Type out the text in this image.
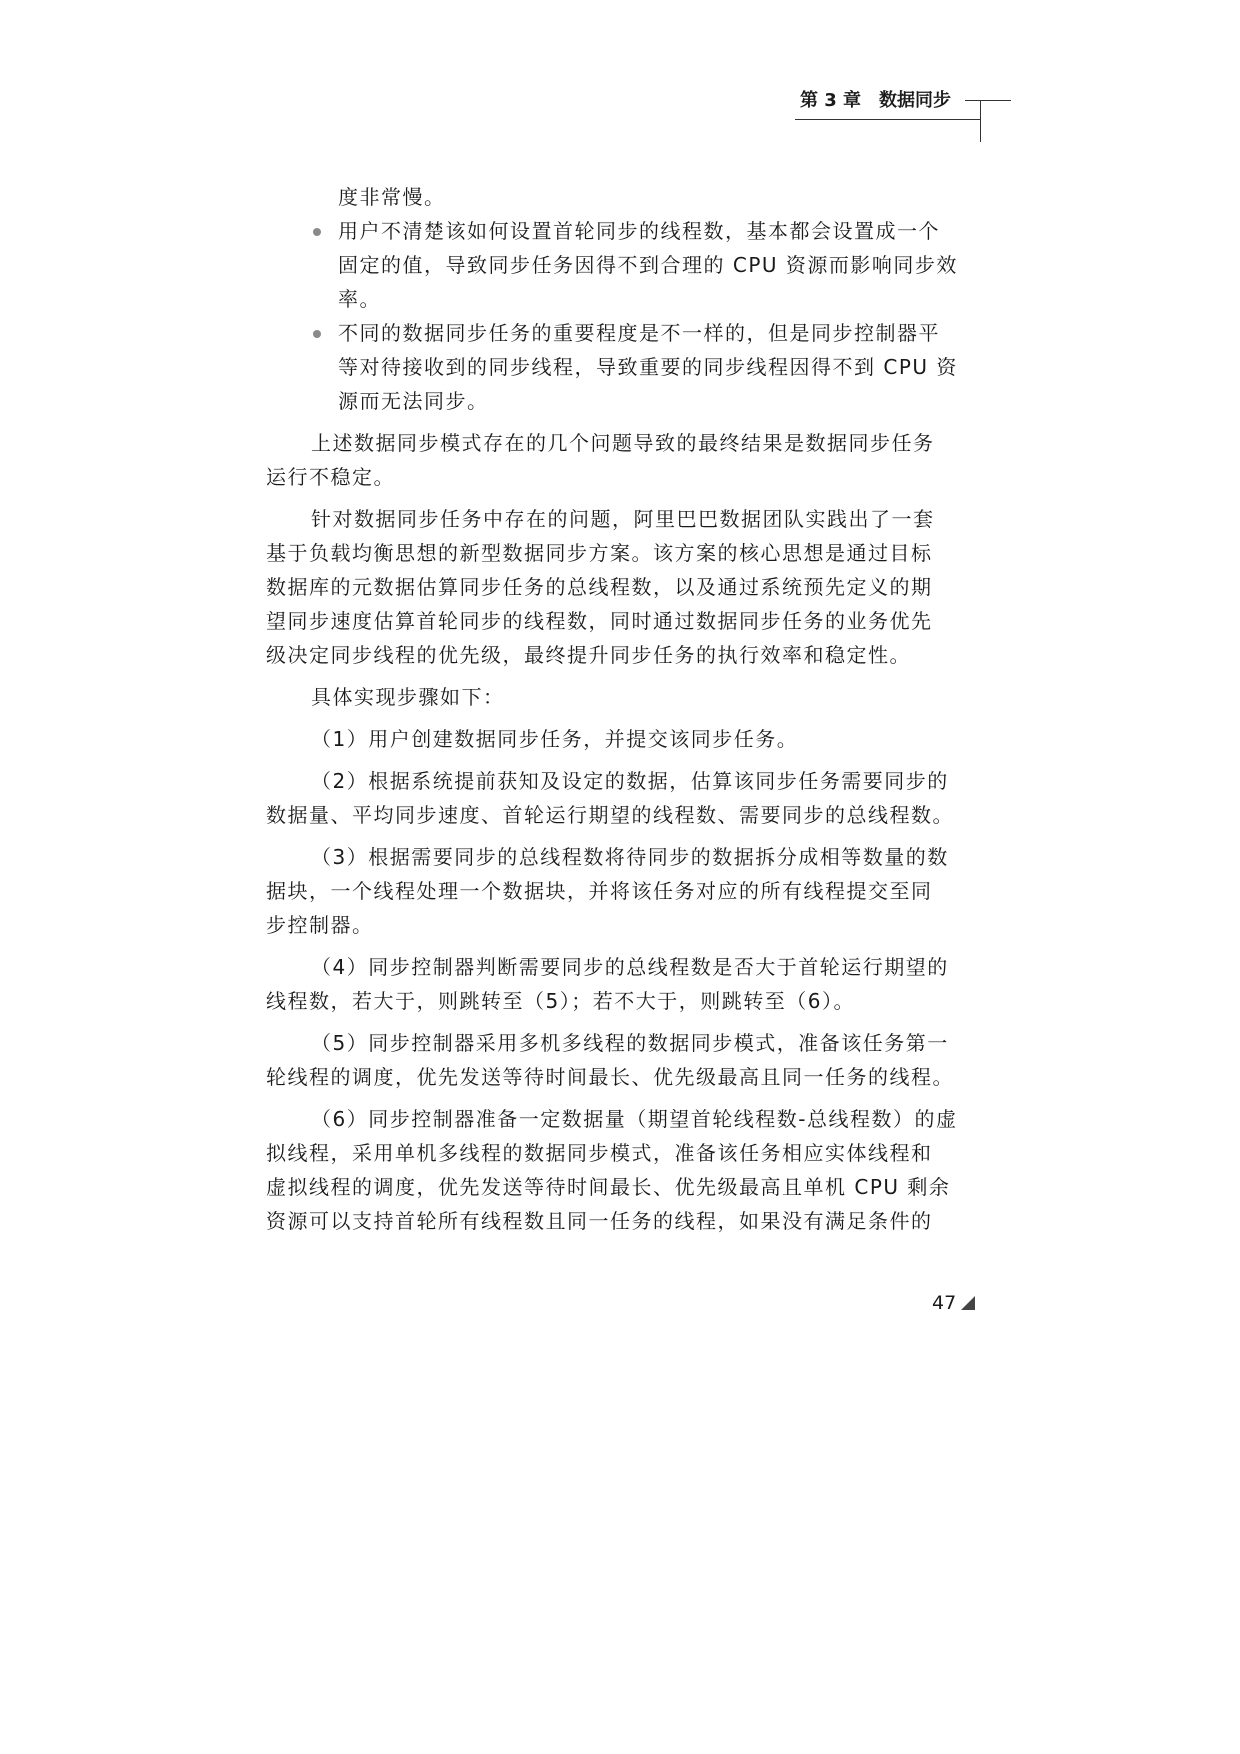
第 3 章　数据同步
度非常慢。
用户不清楚该如何设置首轮同步的线程数，基本都会设置成一个
固定的值，导致同步任务因得不到合理的 CPU 资源而影响同步效
率。
不同的数据同步任务的重要程度是不一样的，但是同步控制器平
等对待接收到的同步线程，导致重要的同步线程因得不到 CPU 资
源而无法同步。
上述数据同步模式存在的几个问题导致的最终结果是数据同步任务
运行不稳定。
针对数据同步任务中存在的问题，阿里巴巴数据团队实践出了一套
基于负载均衡思想的新型数据同步方案。该方案的核心思想是通过目标
数据库的元数据估算同步任务的总线程数，以及通过系统预先定义的期
望同步速度估算首轮同步的线程数，同时通过数据同步任务的业务优先
级决定同步线程的优先级，最终提升同步任务的执行效率和稳定性。
具体实现步骤如下：
（1）用户创建数据同步任务，并提交该同步任务。
（2）根据系统提前获知及设定的数据，估算该同步任务需要同步的
数据量、平均同步速度、首轮运行期望的线程数、需要同步的总线程数。
（3）根据需要同步的总线程数将待同步的数据拆分成相等数量的数
据块，一个线程处理一个数据块，并将该任务对应的所有线程提交至同
步控制器。
（4）同步控制器判断需要同步的总线程数是否大于首轮运行期望的
线程数，若大于，则跳转至（5）；若不大于，则跳转至（6）。
（5）同步控制器采用多机多线程的数据同步模式，准备该任务第一
轮线程的调度，优先发送等待时间最长、优先级最高且同一任务的线程。
（6）同步控制器准备一定数据量（期望首轮线程数-总线程数）的虚
拟线程，采用单机多线程的数据同步模式，准备该任务相应实体线程和
虚拟线程的调度，优先发送等待时间最长、优先级最高且单机 CPU 剩余
资源可以支持首轮所有线程数且同一任务的线程，如果没有满足条件的
47
